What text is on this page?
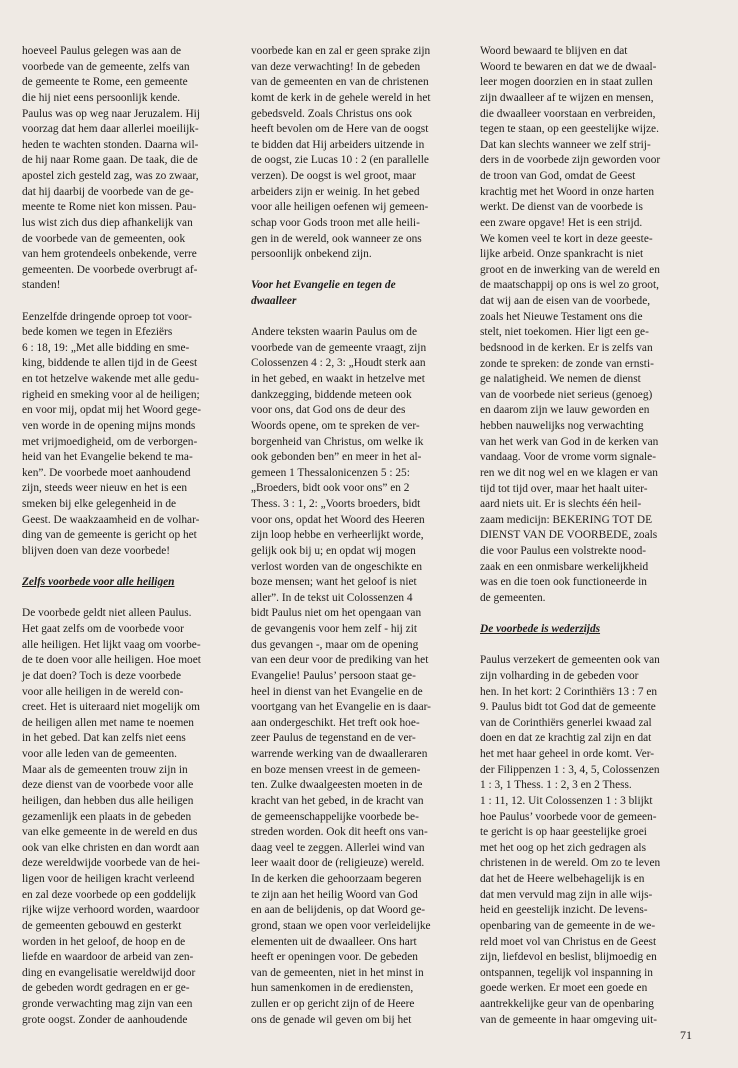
hoeveel Paulus gelegen was aan de
voorbede van de gemeente, zelfs van
de gemeente te Rome, een gemeente
die hij niet eens persoonlijk kende.
Paulus was op weg naar Jeruzalem. Hij
voorzag dat hem daar allerlei moeilijk-
heden te wachten stonden. Daarna wil-
de hij naar Rome gaan. De taak, die de
apostel zich gesteld zag, was zo zwaar,
dat hij daarbij de voorbede van de ge-
meente te Rome niet kon missen. Pau-
lus wist zich dus diep afhankelijk van
de voorbede van de gemeenten, ook
van hem grotendeels onbekende, verre
gemeenten. De voorbede overbrugt af-
standen!

Eenzelfde dringende oproep tot voor-
bede komen we tegen in Efeziërs
6 : 18, 19: „Met alle bidding en sme-
king, biddende te allen tijd in de Geest
en tot hetzelve wakende met alle gedu-
righeid en smeking voor al de heiligen;
en voor mij, opdat mij het Woord gege-
ven worde in de opening mijns monds
met vrijmoedigheid, om de verborgen-
heid van het Evangelie bekend te ma-
ken”. De voorbede moet aanhoudend
zijn, steeds weer nieuw en het is een
smeken bij elke gelegenheid in de
Geest. De waakzaamheid en de volhar-
ding van de gemeente is gericht op het
blijven doen van deze voorbede!

Zelfs voorbede voor alle heiligen

De voorbede geldt niet alleen Paulus.
Het gaat zelfs om de voorbede voor
alle heiligen. Het lijkt vaag om voorbe-
de te doen voor alle heiligen. Hoe moet
je dat doen? Toch is deze voorbede
voor alle heiligen in de wereld con-
creet. Het is uiteraard niet mogelijk om
de heiligen allen met name te noemen
in het gebed. Dat kan zelfs niet eens
voor alle leden van de gemeenten.
Maar als de gemeenten trouw zijn in
deze dienst van de voorbede voor alle
heiligen, dan hebben dus alle heiligen
gezamenlijk een plaats in de gebeden
van elke gemeente in de wereld en dus
ook van elke christen en dan wordt aan
deze wereldwijde voorbede van de hei-
ligen voor de heiligen kracht verleend
en zal deze voorbede op een goddelijk
rijke wijze verhoord worden, waardoor
de gemeenten gebouwd en gesterkt
worden in het geloof, de hoop en de
liefde en waardoor de arbeid van zen-
ding en evangelisatie wereldwijd door
de gebeden wordt gedragen en er ge-
gronde verwachting mag zijn van een
grote oogst. Zonder de aanhoudende

voorbede kan en zal er geen sprake zijn
van deze verwachting! In de gebeden
van de gemeenten en van de christenen
komt de kerk in de gehele wereld in het
gebedsveld. Zoals Christus ons ook
heeft bevolen om de Here van de oogst
te bidden dat Hij arbeiders uitzende in
de oogst, zie Lucas 10 : 2 (en parallelle
verzen). De oogst is wel groot, maar
arbeiders zijn er weinig. In het gebed
voor alle heiligen oefenen wij gemeen-
schap voor Gods troon met alle heili-
gen in de wereld, ook wanneer ze ons
persoonlijk onbekend zijn.

Voor het Evangelie en tegen de
dwaalleer

Andere teksten waarin Paulus om de
voorbede van de gemeente vraagt, zijn
Colossenzen 4 : 2, 3: „Houdt sterk aan
in het gebed, en waakt in hetzelve met
dankzegging, biddende meteen ook
voor ons, dat God ons de deur des
Woords opene, om te spreken de ver-
borgenheid van Christus, om welke ik
ook gebonden ben” en meer in het al-
gemeen 1 Thessalonicenzen 5 : 25:
„Broeders, bidt ook voor ons” en 2
Thess. 3 : 1, 2: „Voorts broeders, bidt
voor ons, opdat het Woord des Heeren
zijn loop hebbe en verheerlijkt worde,
gelijk ook bij u; en opdat wij mogen
verlost worden van de ongeschikte en
boze mensen; want het geloof is niet
aller”. In de tekst uit Colossenzen 4
bidt Paulus niet om het opengaan van
de gevangenis voor hem zelf - hij zit
dus gevangen -, maar om de opening
van een deur voor de prediking van het
Evangelie! Paulus’ persoon staat ge-
heel in dienst van het Evangelie en de
voortgang van het Evangelie en is daar-
aan ondergeschikt. Het treft ook hoe-
zeer Paulus de tegenstand en de ver-
warrende werking van de dwaalleraren
en boze mensen vreest in de gemeen-
ten. Zulke dwaalgeesten moeten in de
kracht van het gebed, in de kracht van
de gemeenschappelijke voorbede be-
streden worden. Ook dit heeft ons van-
daag veel te zeggen. Allerlei wind van
leer waait door de (religieuze) wereld.
In de kerken die gehoorzaam begeren
te zijn aan het heilig Woord van God
en aan de belijdenis, op dat Woord ge-
grond, staan we open voor verleidelijke
elementen uit de dwaalleer. Ons hart
heeft er openingen voor. De gebeden
van de gemeenten, niet in het minst in
hun samenkomen in de erediensten,
zullen er op gericht zijn of de Heere
ons de genade wil geven om bij het

Woord bewaard te blijven en dat
Woord te bewaren en dat we de dwaal-
leer mogen doorzien en in staat zullen
zijn dwaalleer af te wijzen en mensen,
die dwaalleer voorstaan en verbreiden,
tegen te staan, op een geestelijke wijze.
Dat kan slechts wanneer we zelf strij-
ders in de voorbede zijn geworden voor
de troon van God, omdat de Geest
krachtig met het Woord in onze harten
werkt. De dienst van de voorbede is
een zware opgave! Het is een strijd.
We komen veel te kort in deze geeste-
lijke arbeid. Onze spankracht is niet
groot en de inwerking van de wereld en
de maatschappij op ons is wel zo groot,
dat wij aan de eisen van de voorbede,
zoals het Nieuwe Testament ons die
stelt, niet toekomen. Hier ligt een ge-
bedsnood in de kerken. Er is zelfs van
zonde te spreken: de zonde van ernsti-
ge nalatigheid. We nemen de dienst
van de voorbede niet serieus (genoeg)
en daarom zijn we lauw geworden en
hebben nauwelijks nog verwachting
van het werk van God in de kerken van
vandaag. Voor de vrome vorm signale-
ren we dit nog wel en we klagen er van
tijd tot tijd over, maar het haalt uiter-
aard niets uit. Er is slechts één heil-
zaam medicijn: BEKERING TOT DE
DIENST VAN DE VOORBEDE, zoals
die voor Paulus een volstrekte nood-
zaak en een onmisbare werkelijkheid
was en die toen ook functioneerde in
de gemeenten.

De voorbede is wederzijds

Paulus verzekert de gemeenten ook van
zijn volharding in de gebeden voor
hen. In het kort: 2 Corinthiërs 13 : 7 en
9. Paulus bidt tot God dat de gemeente
van de Corinthiërs generlei kwaad zal
doen en dat ze krachtig zal zijn en dat
het met haar geheel in orde komt. Ver-
der Filippenzen 1 : 3, 4, 5, Colossenzen
1 : 3, 1 Thess. 1 : 2, 3 en 2 Thess.
1 : 11, 12. Uit Colossenzen 1 : 3 blijkt
hoe Paulus’ voorbede voor de gemeen-
te gericht is op haar geestelijke groei
met het oog op het zich gedragen als
christenen in de wereld. Om zo te leven
dat het de Heere welbehagelijk is en
dat men vervuld mag zijn in alle wijs-
heid en geestelijk inzicht. De levens-
openbaring van de gemeente in de we-
reld moet vol van Christus en de Geest
zijn, liefdevol en beslist, blijmoedig en
ontspannen, tegelijk vol inspanning in
goede werken. Er moet een goede en
aantrekkelijke geur van de openbaring
van de gemeente in haar omgeving uit-

71
